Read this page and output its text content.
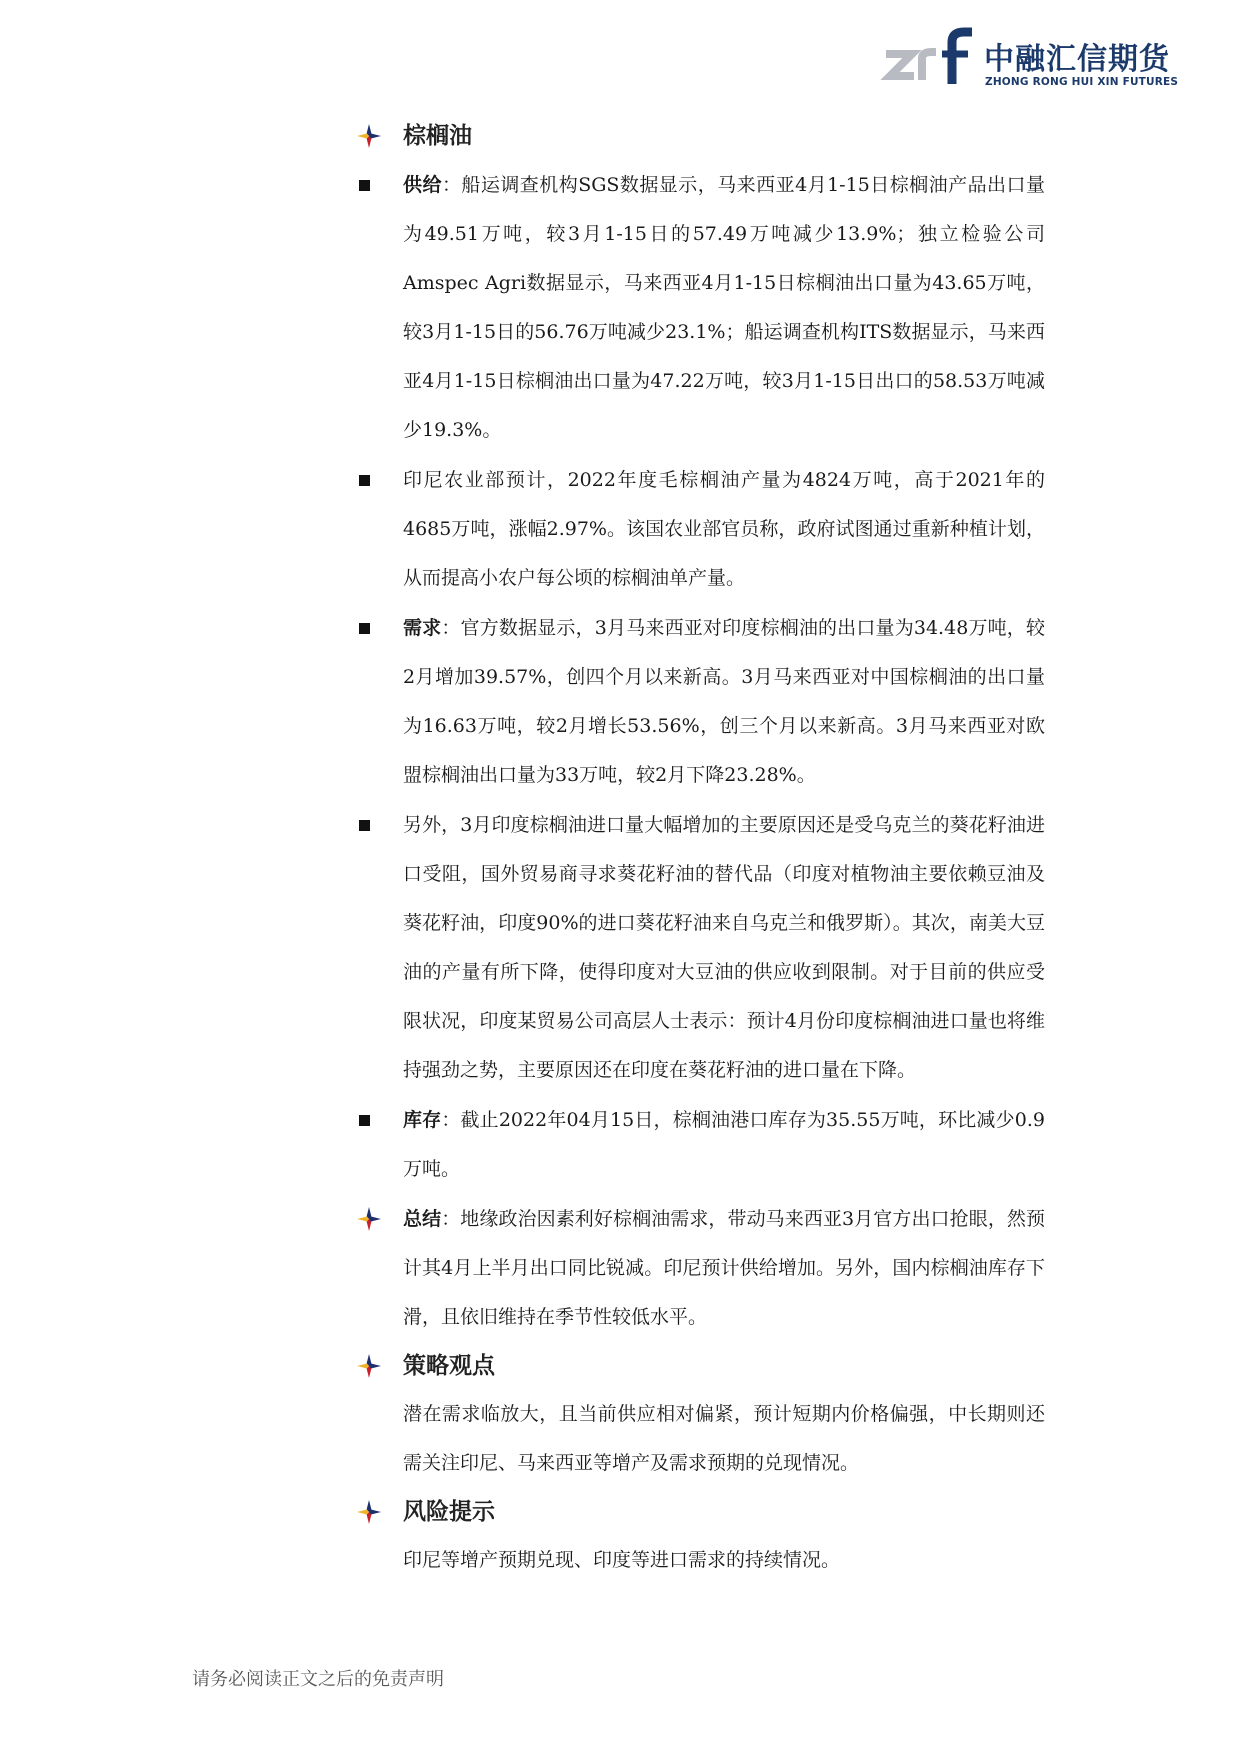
中融汇信期货
ZHONG RONG HUI XIN FUTURES
棕榈油
供给：船运调查机构SGS数据显示，马来西亚4月1-15日棕榈油产品出口量为49.51万吨，较3月1-15日的57.49万吨减少13.9%；独立检验公司Amspec Agri数据显示，马来西亚4月1-15日棕榈油出口量为43.65万吨，较3月1-15日的56.76万吨减少23.1%；船运调查机构ITS数据显示，马来西亚4月1-15日棕榈油出口量为47.22万吨，较3月1-15日出口的58.53万吨减少19.3%。
印尼农业部预计，2022年度毛棕榈油产量为4824万吨，高于2021年的4685万吨，涨幅2.97%。该国农业部官员称，政府试图通过重新种植计划，从而提高小农户每公顷的棕榈油单产量。
需求：官方数据显示，3月马来西亚对印度棕榈油的出口量为34.48万吨，较2月增加39.57%，创四个月以来新高。3月马来西亚对中国棕榈油的出口量为16.63万吨，较2月增长53.56%，创三个月以来新高。3月马来西亚对欧盟棕榈油出口量为33万吨，较2月下降23.28%。
另外，3月印度棕榈油进口量大幅增加的主要原因还是受乌克兰的葵花籽油进口受阻，国外贸易商寻求葵花籽油的替代品（印度对植物油主要依赖豆油及葵花籽油，印度90%的进口葵花籽油来自乌克兰和俄罗斯）。其次，南美大豆油的产量有所下降，使得印度对大豆油的供应收到限制。对于目前的供应受限状况，印度某贸易公司高层人士表示：预计4月份印度棕榈油进口量也将维持强劲之势，主要原因还在印度在葵花籽油的进口量在下降。
库存：截止2022年04月15日，棕榈油港口库存为35.55万吨，环比减少0.9万吨。
总结：地缘政治因素利好棕榈油需求，带动马来西亚3月官方出口抢眼，然预计其4月上半月出口同比锐减。印尼预计供给增加。另外，国内棕榈油库存下滑，且依旧维持在季节性较低水平。
策略观点
潜在需求临放大，且当前供应相对偏紧，预计短期内价格偏强，中长期则还需关注印尼、马来西亚等增产及需求预期的兑现情况。
风险提示
印尼等增产预期兑现、印度等进口需求的持续情况。
请务必阅读正文之后的免责声明
